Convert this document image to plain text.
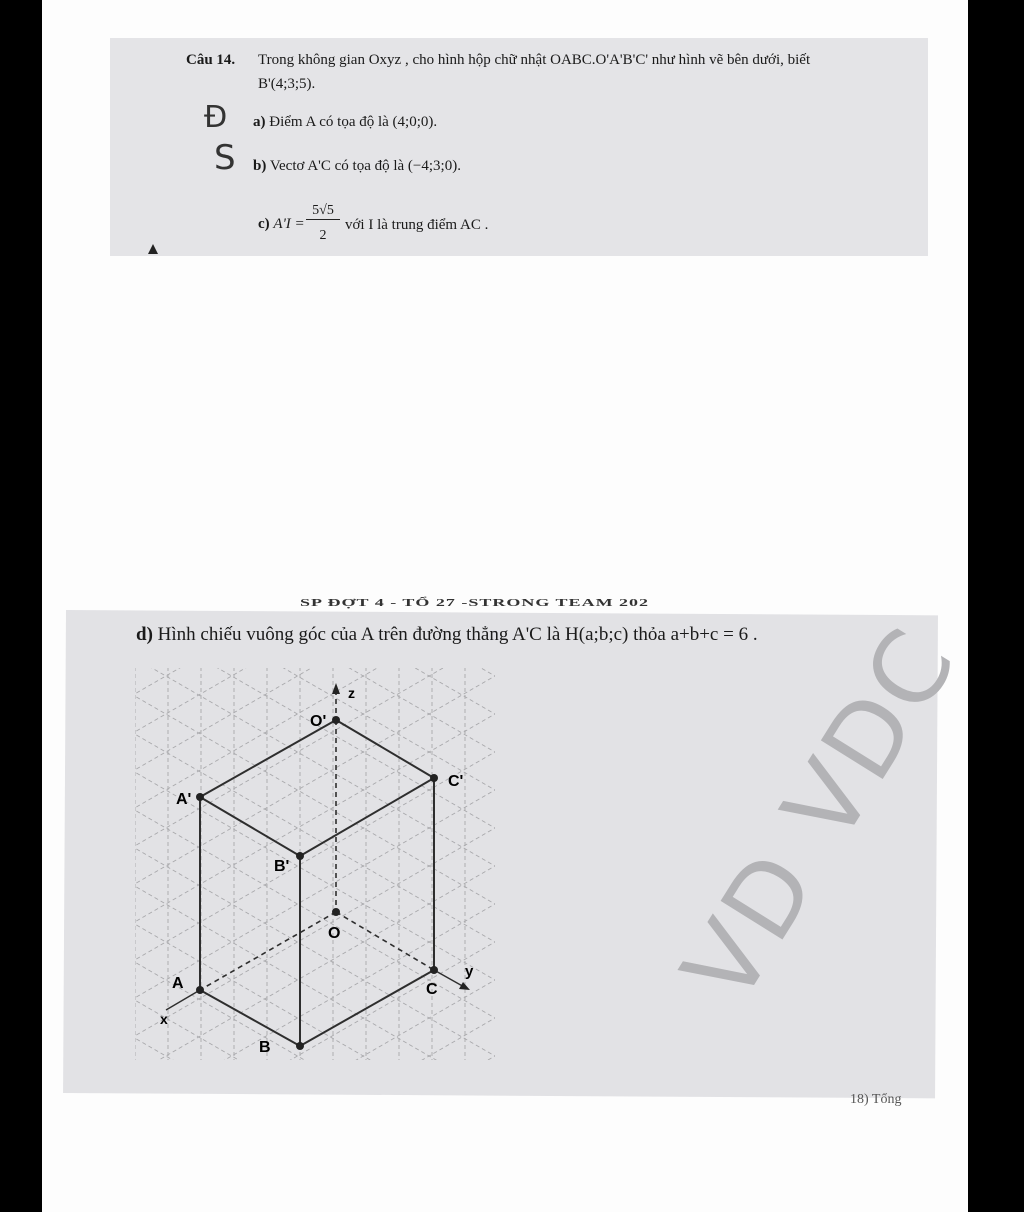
Câu 14. Trong không gian Oxyz , cho hình hộp chữ nhật OABC.O'A'B'C' như hình vẽ bên dưới, biết
B'(4;3;5).
Đ a) Điểm A có tọa độ là (4;0;0).
S b) Vectơ A'C có tọa độ là (−4;3;0).
c) A'I =
5√5
2
với I là trung điểm AC .
SP ĐỢT 4 - TỔ 27 -STRONG TEAM 202
d) Hình chiếu vuông góc của A trên đường thẳng A'C là H(a;b;c) thỏa a+b+c = 6 .
O'
C'
A'
B'
O
A	C
B
z
y
x	VD VDC
18) Tổng
